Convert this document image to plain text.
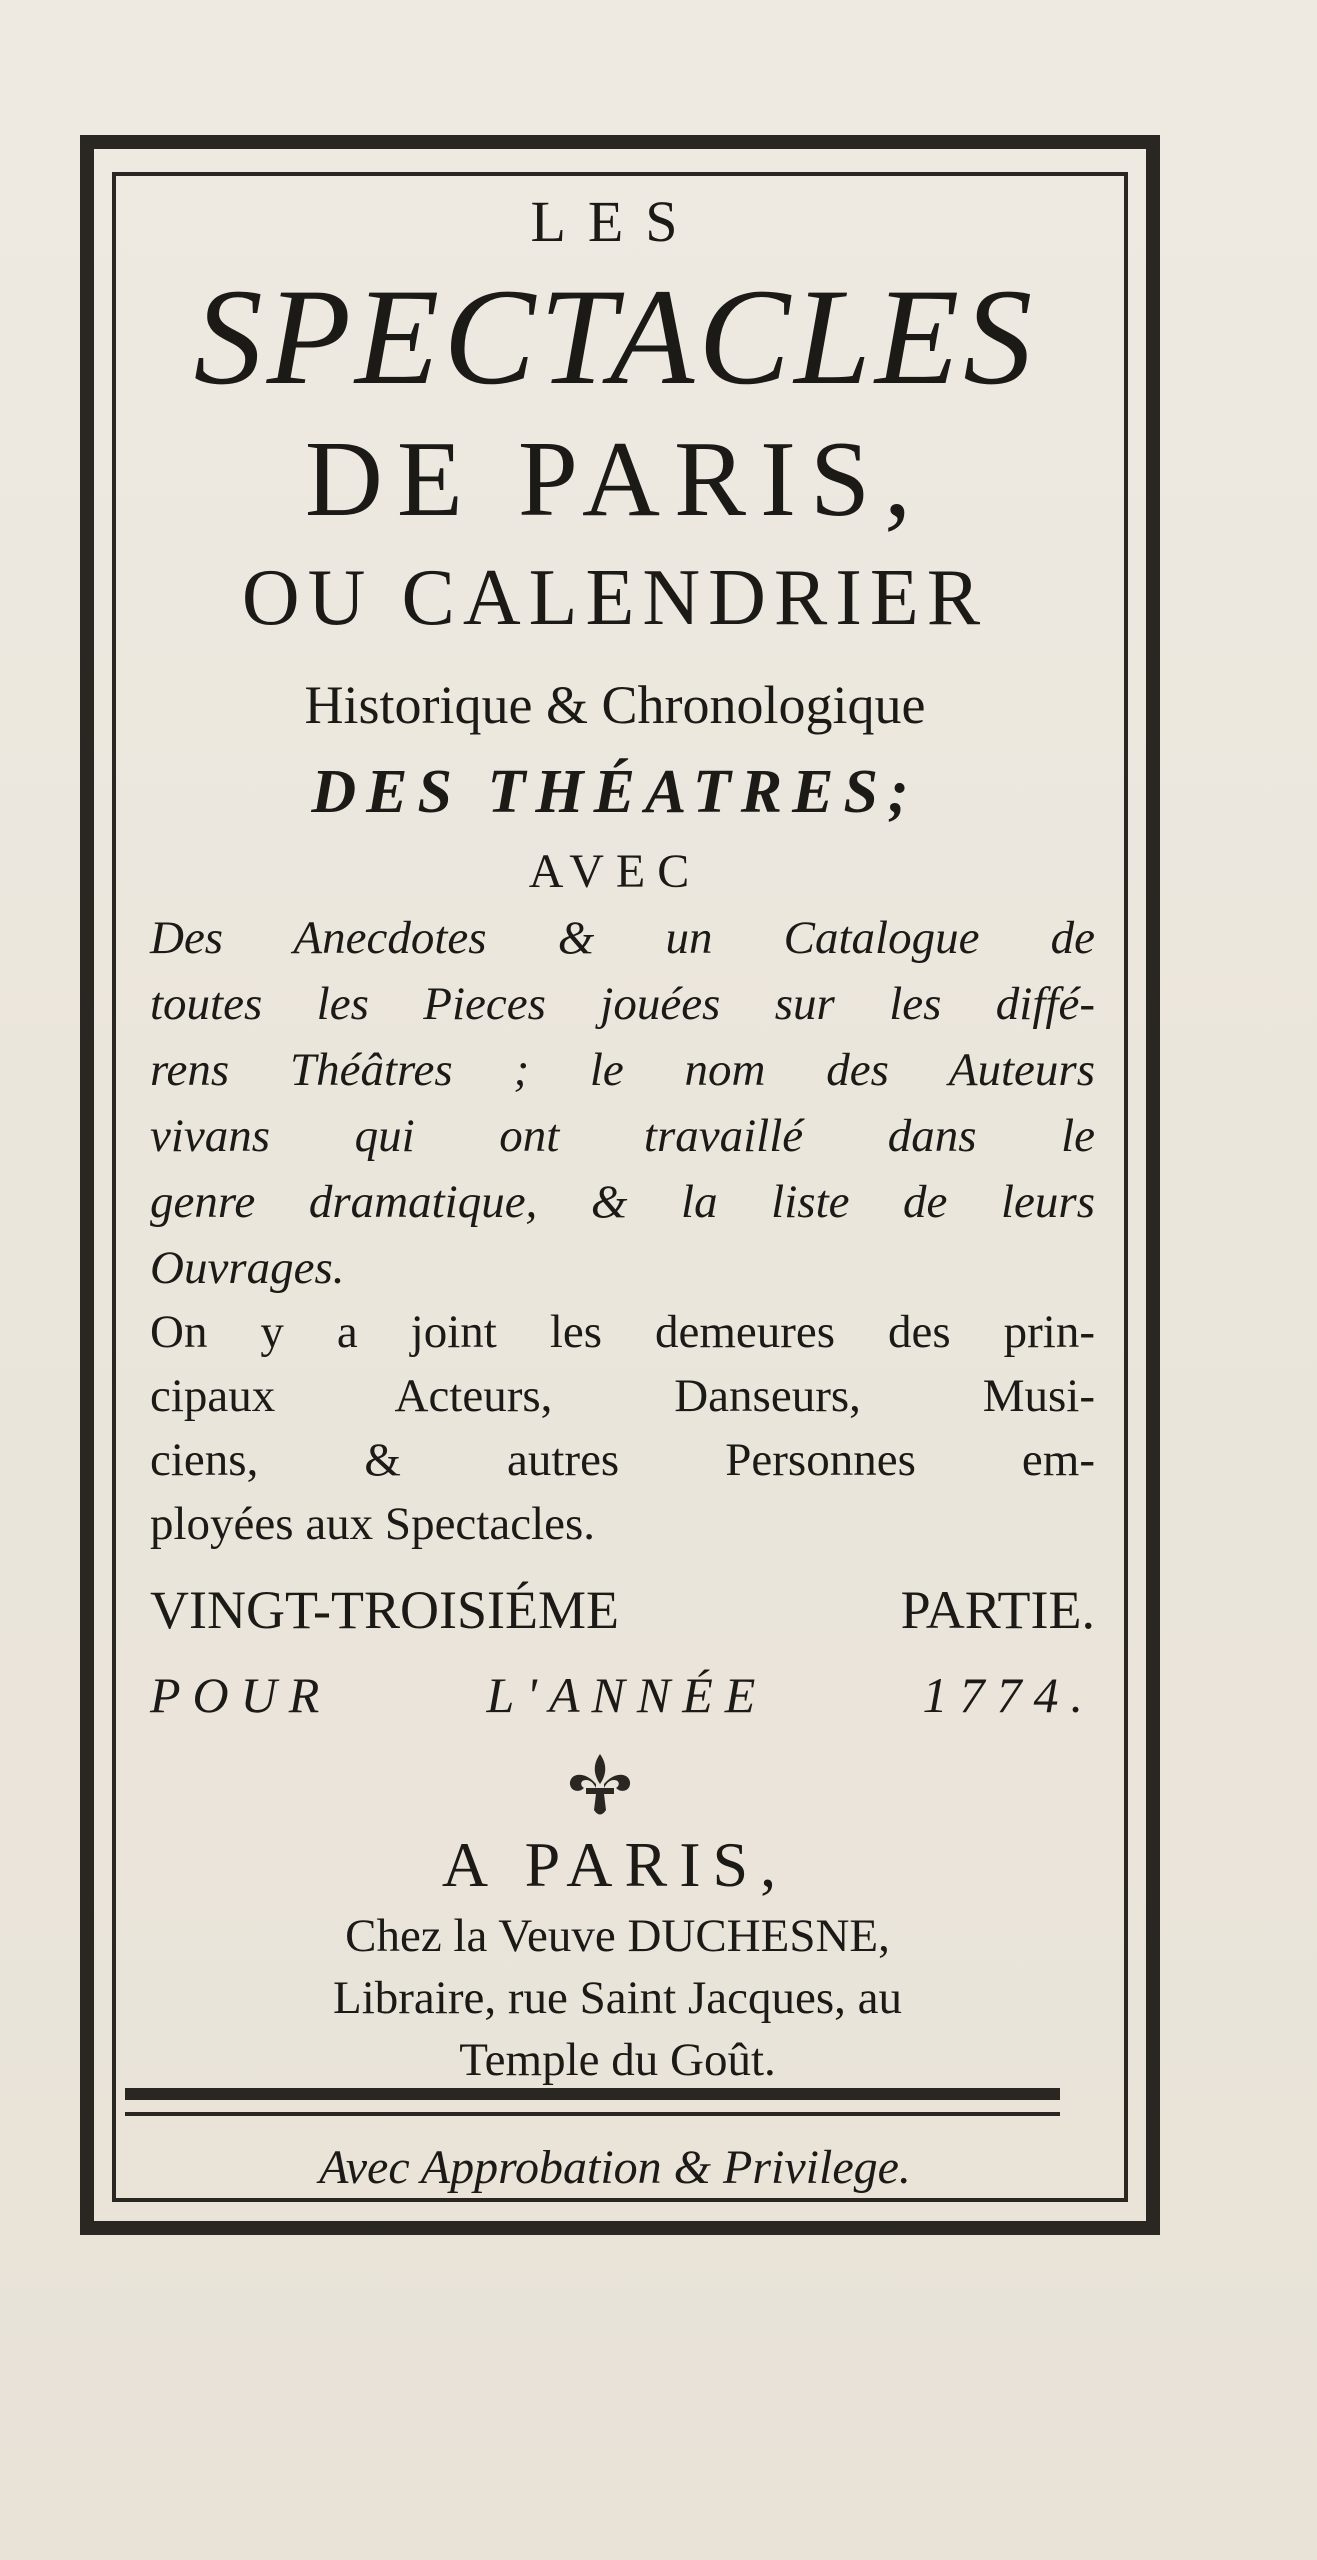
LES
SPECTACLES
DE PARIS,
OU CALENDRIER
Historique & Chronologique
DES THÉATRES;
AVEC
Des Anecdotes & un Catalogue de
toutes les Pieces jouées sur les diffé-
rens Théâtres ; le nom des Auteurs
vivans qui ont travaillé dans le
genre dramatique, & la liste de leurs
Ouvrages.
On y a joint les demeures des prin-
cipaux Acteurs, Danseurs, Musi-
ciens, & autres Personnes em-
ployées aux Spectacles.
VINGT-TROISIÉME PARTIE.
POUR L'ANNÉE 1774.
A PARIS,
Chez la Veuve DUCHESNE,
Libraire, rue Saint Jacques, au
Temple du Goût.
Avec Approbation & Privilege.
